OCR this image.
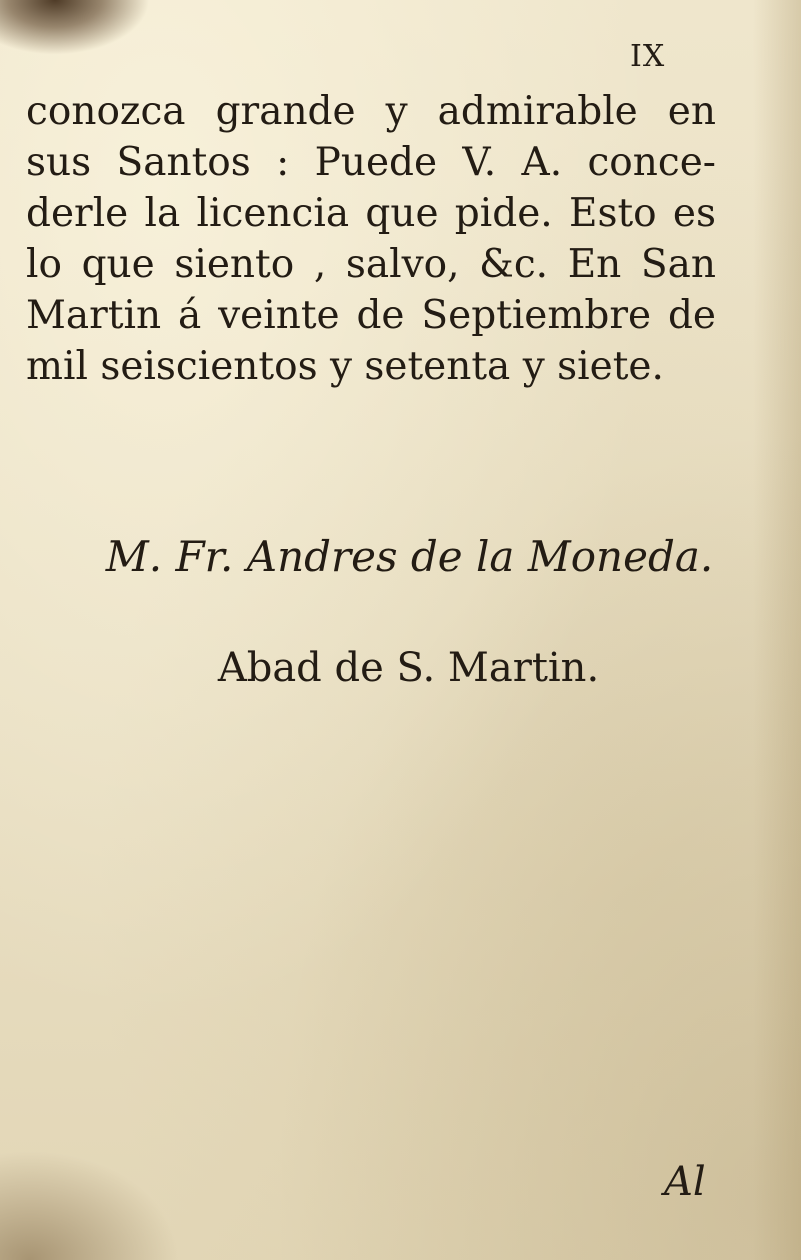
IX
conozca grande y admirable en
sus Santos : Puede V. A. conce-
derle la licencia que pide. Esto es
lo que siento , salvo, &c. En San
Martin á veinte de Septiembre de
mil seiscientos y setenta y siete.
M. Fr. Andres de la Moneda.
Abad de S. Martin.
Al
